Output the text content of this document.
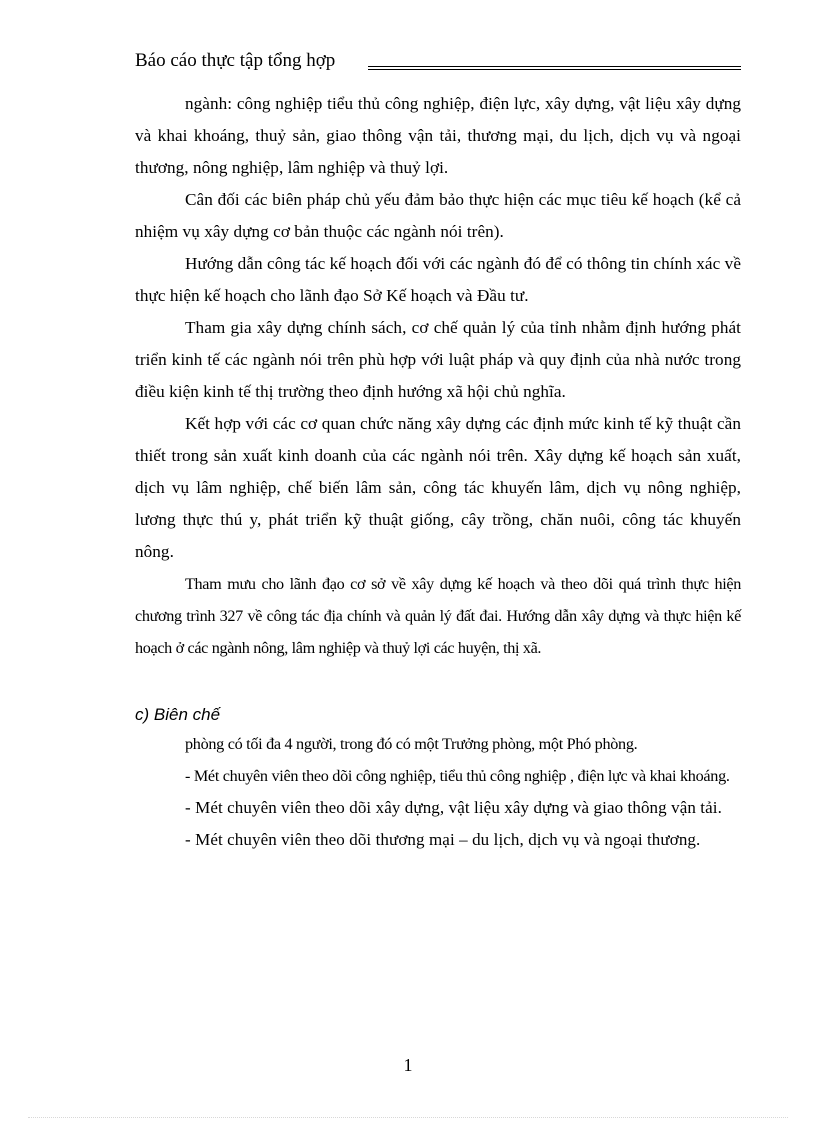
Báo cáo thực tập tổng hợp

ngành: công nghiệp tiểu thủ công nghiệp, điện lực, xây dựng, vật liệu xây dựng và khai khoáng, thuỷ sản, giao thông vận tải, thương mại, du lịch, dịch vụ và ngoại thương, nông nghiệp, lâm nghiệp và thuỷ lợi.

Cân đối các biên pháp chủ yếu đảm bảo thực hiện các mục tiêu kế hoạch (kể cả nhiệm vụ xây dựng cơ bản thuộc các ngành nói trên).

Hướng dẫn công tác kế hoạch đối với các ngành đó để có thông tin chính xác về thực hiện kế hoạch cho lãnh đạo Sở Kế hoạch và Đầu tư.

Tham gia xây dựng chính sách, cơ chế quản lý của tỉnh nhằm định hướng phát triển kinh tế các ngành nói trên phù hợp với luật pháp và quy định của nhà nước trong điều kiện kinh tế thị trường theo định hướng xã hội chủ nghĩa.

Kết hợp với các cơ quan chức năng xây dựng các định mức kinh tế kỹ thuật cần thiết trong sản xuất kinh doanh của các ngành nói trên. Xây dựng kế hoạch sản xuất, dịch vụ lâm nghiệp, chế biến lâm sản, công tác khuyến lâm, dịch vụ nông nghiệp, lương thực thú y, phát triển kỹ thuật giống, cây trồng, chăn nuôi, công tác khuyến nông.

Tham mưu cho lãnh đạo cơ sở về xây dựng kế hoạch và theo dõi quá trình thực hiện chương trình 327 về công tác địa chính và quản lý đất đai. Hướng dẫn xây dựng và thực hiện kế hoạch ở các ngành nông, lâm nghiệp và thuỷ lợi các huyện, thị xã.

c) Biên chế

phòng có tối đa 4 người, trong đó có một Trưởng phòng, một Phó phòng.

- Mét chuyên viên theo dõi công nghiệp, tiểu thủ công nghiệp , điện lực và khai khoáng.

- Mét chuyên viên theo dõi xây dựng, vật liệu xây dựng và giao thông vận tải.

- Mét chuyên viên theo dõi thương mại – du lịch, dịch vụ và ngoại thương.

1
